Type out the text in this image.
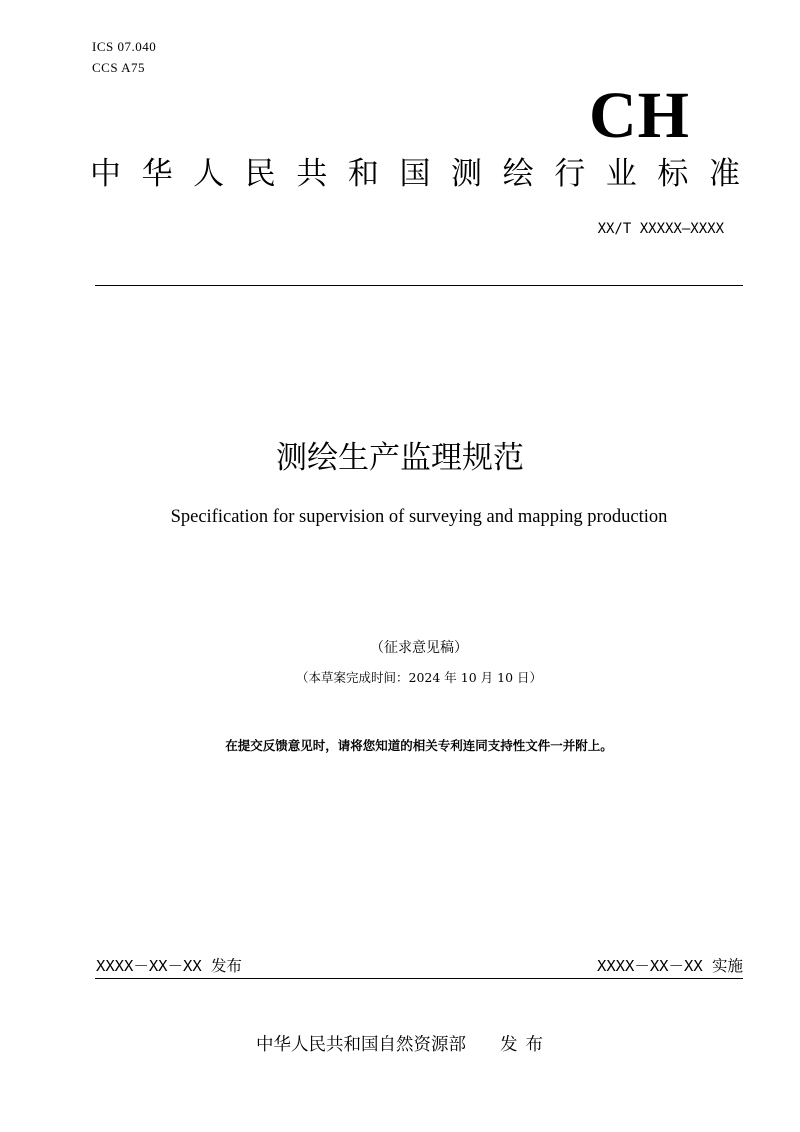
ICS 07.040
CCS A75
CH
中 华 人 民 共 和 国 测 绘 行 业 标 准
XX/T XXXXX—XXXX
测绘生产监理规范
Specification for supervision of surveying and mapping production
（征求意见稿）
（本草案完成时间：2024 年 10 月 10 日）
在提交反馈意见时，请将您知道的相关专利连同支持性文件一并附上。
XXXX－XX－XX 发布	XXXX－XX－XX 实施
中华人民共和国自然资源部 发布
